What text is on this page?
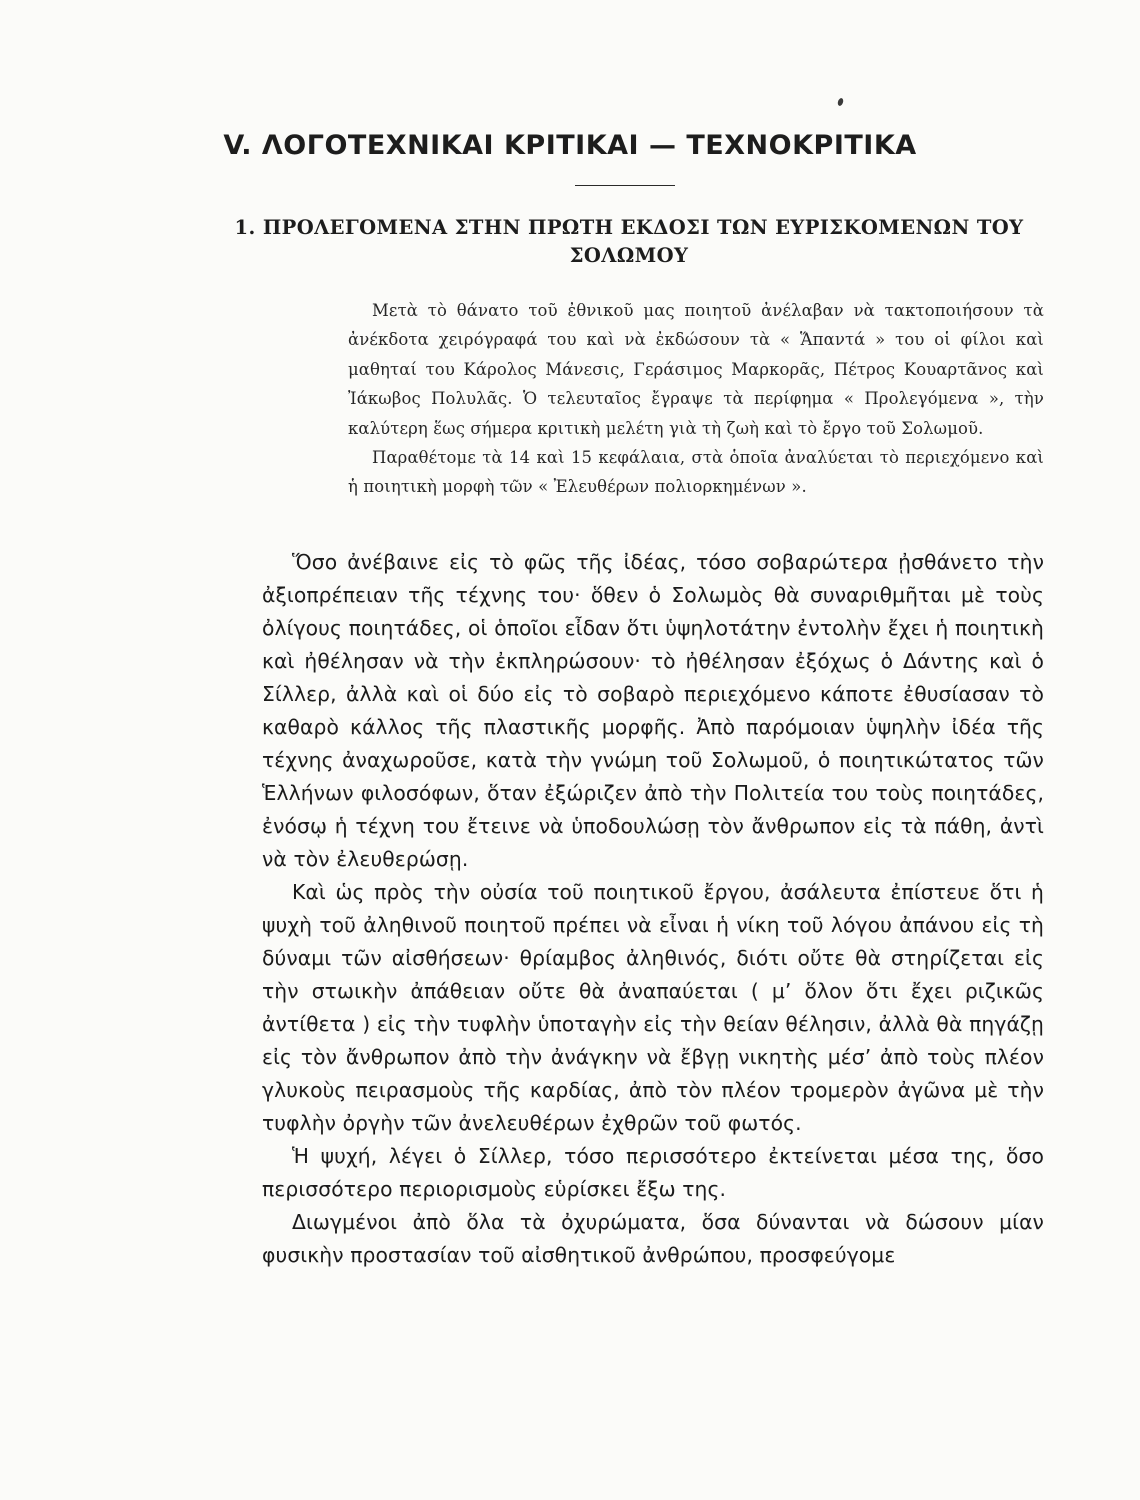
V. ΛΟΓΟΤΕΧΝΙΚΑΙ ΚΡΙΤΙΚΑΙ — ΤΕΧΝΟΚΡΙΤΙΚΑ
1. ΠΡΟΛΕΓΟΜΕΝΑ ΣΤΗΝ ΠΡΩΤΗ ΕΚΔΟΣΙ ΤΩΝ ΕΥΡΙΣΚΟΜΕΝΩΝ ΤΟΥ ΣΟΛΩΜΟΥ

Μετὰ τὸ θάνατο τοῦ ἐθνικοῦ μας ποιητοῦ ἀνέλαβαν νὰ τακτοποιήσουν τὰ ἀνέκδοτα χειρόγραφά του καὶ νὰ ἐκδώσουν τὰ « Ἅπαντά » του οἱ φίλοι καὶ μαθηταί του Κάρολος Μάνεσις, Γεράσιμος Μαρκορᾶς, Πέτρος Κουαρτᾶνος καὶ Ἰάκωβος Πολυλᾶς. Ὁ τελευταῖος ἔγραψε τὰ περίφημα « Προλεγόμενα », τὴν καλύτερη ἕως σήμερα κριτικὴ μελέτη γιὰ τὴ ζωὴ καὶ τὸ ἔργο τοῦ Σολωμοῦ.

Παραθέτομε τὰ 14 καὶ 15 κεφάλαια, στὰ ὁποῖα ἀναλύεται τὸ περιεχόμενο καὶ ἡ ποιητικὴ μορφὴ τῶν « Ἐλευθέρων πολιορκημένων ».

Ὅσο ἀνέβαινε εἰς τὸ φῶς τῆς ἰδέας, τόσο σοβαρώτερα ᾐσθάνετο τὴν ἀξιοπρέπειαν τῆς τέχνης του· ὅθεν ὁ Σολωμὸς θὰ συναριθμῆται μὲ τοὺς ὀλίγους ποιητάδες, οἱ ὁποῖοι εἶδαν ὅτι ὑψηλοτάτην ἐντολὴν ἔχει ἡ ποιητικὴ καὶ ἠθέλησαν νὰ τὴν ἐκπληρώσουν· τὸ ἠθέλησαν ἐξόχως ὁ Δάντης καὶ ὁ Σίλλερ, ἀλλὰ καὶ οἱ δύο εἰς τὸ σοβαρὸ περιεχόμενο κάποτε ἐθυσίασαν τὸ καθαρὸ κάλλος τῆς πλαστικῆς μορφῆς. Ἀπὸ παρόμοιαν ὑψηλὴν ἰδέα τῆς τέχνης ἀναχωροῦσε, κατὰ τὴν γνώμη τοῦ Σολωμοῦ, ὁ ποιητικώτατος τῶν Ἑλλήνων φιλοσόφων, ὅταν ἐξώριζεν ἀπὸ τὴν Πολιτεία του τοὺς ποιητάδες, ἐνόσῳ ἡ τέχνη του ἔτεινε νὰ ὑποδουλώσῃ τὸν ἄνθρωπον εἰς τὰ πάθη, ἀντὶ νὰ τὸν ἐλευθερώσῃ.

Καὶ ὡς πρὸς τὴν οὐσία τοῦ ποιητικοῦ ἔργου, ἀσάλευτα ἐπίστευε ὅτι ἡ ψυχὴ τοῦ ἀληθινοῦ ποιητοῦ πρέπει νὰ εἶναι ἡ νίκη τοῦ λόγου ἀπάνου εἰς τὴ δύναμι τῶν αἰσθήσεων· θρίαμβος ἀληθινός, διότι οὔτε θὰ στηρίζεται εἰς τὴν στωικὴν ἀπάθειαν οὔτε θὰ ἀναπαύεται ( μ’ ὅλον ὅτι ἔχει ριζικῶς ἀντίθετα ) εἰς τὴν τυφλὴν ὑποταγὴν εἰς τὴν θείαν θέλησιν, ἀλλὰ θὰ πηγάζῃ εἰς τὸν ἄνθρωπον ἀπὸ τὴν ἀνάγκην νὰ ἔβγῃ νικητὴς μέσ’ ἀπὸ τοὺς πλέον γλυκοὺς πειρασμοὺς τῆς καρδίας, ἀπὸ τὸν πλέον τρομερὸν ἀγῶνα μὲ τὴν τυφλὴν ὀργὴν τῶν ἀνελευθέρων ἐχθρῶν τοῦ φωτός.

Ἡ ψυχή, λέγει ὁ Σίλλερ, τόσο περισσότερο ἐκτείνεται μέσα της, ὅσο περισσότερο περιορισμοὺς εὑρίσκει ἔξω της.

Διωγμένοι ἀπὸ ὅλα τὰ ὀχυρώματα, ὅσα δύνανται νὰ δώσουν μίαν φυσικὴν προστασίαν τοῦ αἰσθητικοῦ ἀνθρώπου, προσφεύγομε
